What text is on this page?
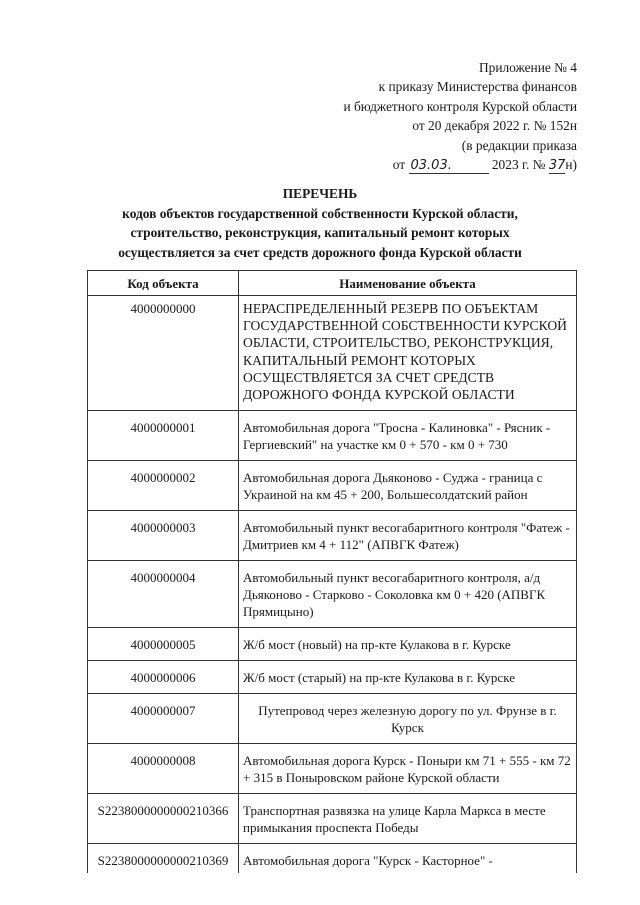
Приложение № 4
к приказу Министерства финансов
и бюджетного контроля Курской области
от 20 декабря 2022 г. № 152н
(в редакции приказа
от 03.03.	2023 г. № 37н)
ПЕРЕЧЕНЬ
кодов объектов государственной собственности Курской области,
строительство, реконструкция, капитальный ремонт которых
осуществляется за счет средств дорожного фонда Курской области
Код объекта	Наименование объекта
4000000000	НЕРАСПРЕДЕЛЕННЫЙ РЕЗЕРВ ПО ОБЪЕКТАМ ГОСУДАРСТВЕННОЙ СОБСТВЕННОСТИ КУРСКОЙ ОБЛАСТИ, СТРОИТЕЛЬСТВО, РЕКОНСТРУКЦИЯ, КАПИТАЛЬНЫЙ РЕМОНТ КОТОРЫХ ОСУЩЕСТВЛЯЕТСЯ ЗА СЧЕТ СРЕДСТВ ДОРОЖНОГО ФОНДА КУРСКОЙ ОБЛАСТИ
4000000001	Автомобильная дорога "Тросна - Калиновка" - Рясник - Гергиевский" на участке км 0 + 570 - км 0 + 730
4000000002	Автомобильная дорога Дьяконово - Суджа - граница с Украиной на км 45 + 200, Большесолдатский район
4000000003	Автомобильный пункт весогабаритного контроля "Фатеж - Дмитриев км 4 + 112" (АПВГК Фатеж)
4000000004	Автомобильный пункт весогабаритного контроля, а/д Дьяконово - Старково - Соколовка км 0 + 420 (АПВГК Прямицыно)
4000000005	Ж/б мост (новый) на пр-кте Кулакова в г. Курске
4000000006	Ж/б мост (старый) на пр-кте Кулакова в г. Курске
4000000007	Путепровод через железную дорогу по ул. Фрунзе в г. Курск
4000000008	Автомобильная дорога Курск - Поныри км 71 + 555 - км 72 + 315 в Поныровском районе Курской области
S2238000000000210366	Транспортная развязка на улице Карла Маркса в месте примыкания проспекта Победы
S2238000000000210369	Автомобильная дорога "Курск - Касторное" -
